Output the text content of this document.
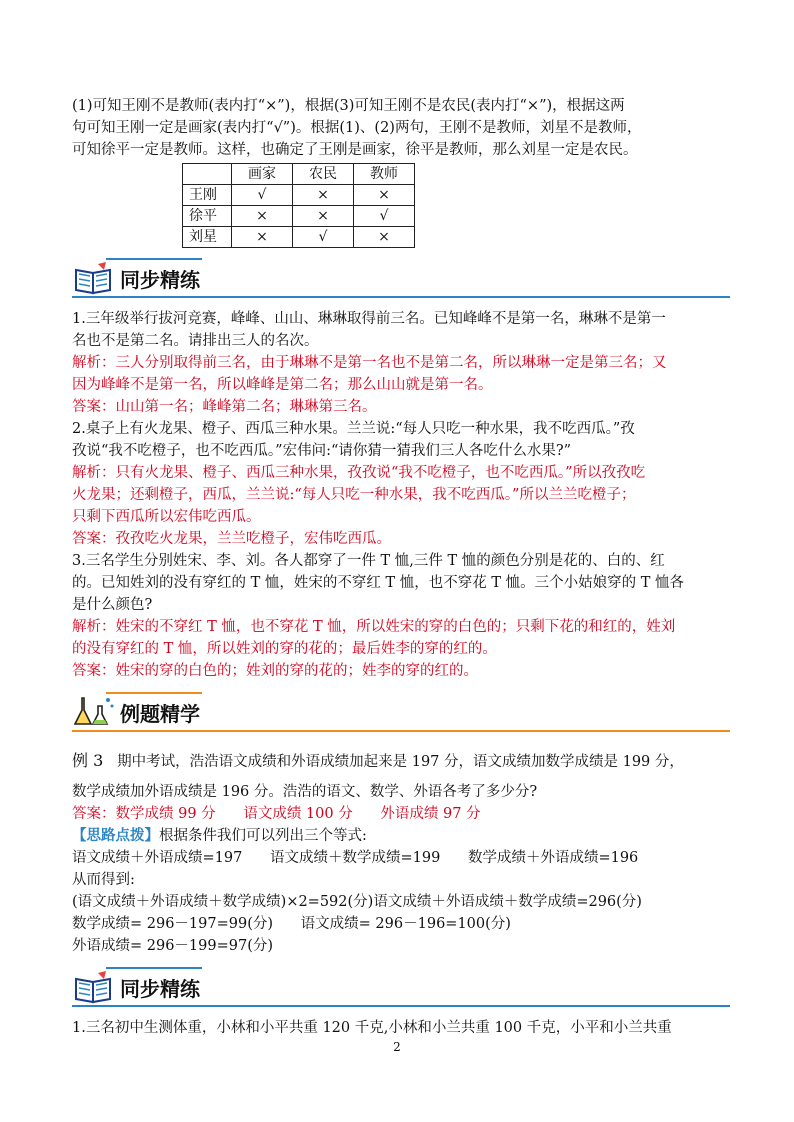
(1)可知王刚不是教师(表内打“×”)，根据(3)可知王刚不是农民(表内打“×”)，根据这两
句可知王刚一定是画家(表内打“√”)。根据(1)、(2)两句，王刚不是教师，刘星不是教师，
可知徐平一定是教师。这样，也确定了王刚是画家，徐平是教师，那么刘星一定是农民。
	画家	农民	教师
王刚	√	×	×
徐平	×	×	√
刘星	×	√	×
同步精练
1.三年级举行拔河竞赛，峰峰、山山、琳琳取得前三名。已知峰峰不是第一名，琳琳不是第一
名也不是第二名。请排出三人的名次。
解析：三人分别取得前三名，由于琳琳不是第一名也不是第二名，所以琳琳一定是第三名；又
因为峰峰不是第一名，所以峰峰是第二名；那么山山就是第一名。
答案：山山第一名；峰峰第二名；琳琳第三名。
2.桌子上有火龙果、橙子、西瓜三种水果。兰兰说:“每人只吃一种水果，我不吃西瓜。”孜
孜说“我不吃橙子，也不吃西瓜。”宏伟问:“请你猜一猜我们三人各吃什么水果?”
解析：只有火龙果、橙子、西瓜三种水果，孜孜说“我不吃橙子，也不吃西瓜。”所以孜孜吃
火龙果；还剩橙子，西瓜，兰兰说:“每人只吃一种水果，我不吃西瓜。”所以兰兰吃橙子；
只剩下西瓜所以宏伟吃西瓜。
答案：孜孜吃火龙果，兰兰吃橙子，宏伟吃西瓜。
3.三名学生分别姓宋、李、刘。各人都穿了一件 T 恤,三件 T 恤的颜色分别是花的、白的、红
的。已知姓刘的没有穿红的 T 恤，姓宋的不穿红 T 恤，也不穿花 T 恤。三个小姑娘穿的 T 恤各
是什么颜色?
解析：姓宋的不穿红 T 恤，也不穿花 T 恤，所以姓宋的穿的白色的；只剩下花的和红的，姓刘
的没有穿红的 T 恤，所以姓刘的穿的花的；最后姓李的穿的红的。
答案：姓宋的穿的白色的；姓刘的穿的花的；姓李的穿的红的。
例题精学
例 3 期中考试，浩浩语文成绩和外语成绩加起来是 197 分，语文成绩加数学成绩是 199 分，
数学成绩加外语成绩是 196 分。浩浩的语文、数学、外语各考了多少分?
答案：数学成绩 99 分      语文成绩 100 分      外语成绩 97 分
【思路点拨】根据条件我们可以列出三个等式:
语文成绩＋外语成绩=197      语文成绩＋数学成绩=199      数学成绩＋外语成绩=196
从而得到:
(语文成绩＋外语成绩＋数学成绩)×2=592(分)语文成绩＋外语成绩＋数学成绩=296(分)
数学成绩= 296－197=99(分)      语文成绩= 296－196=100(分)
外语成绩= 296－199=97(分)
同步精练
1.三名初中生测体重，小林和小平共重 120 千克,小林和小兰共重 100 千克，小平和小兰共重
2
